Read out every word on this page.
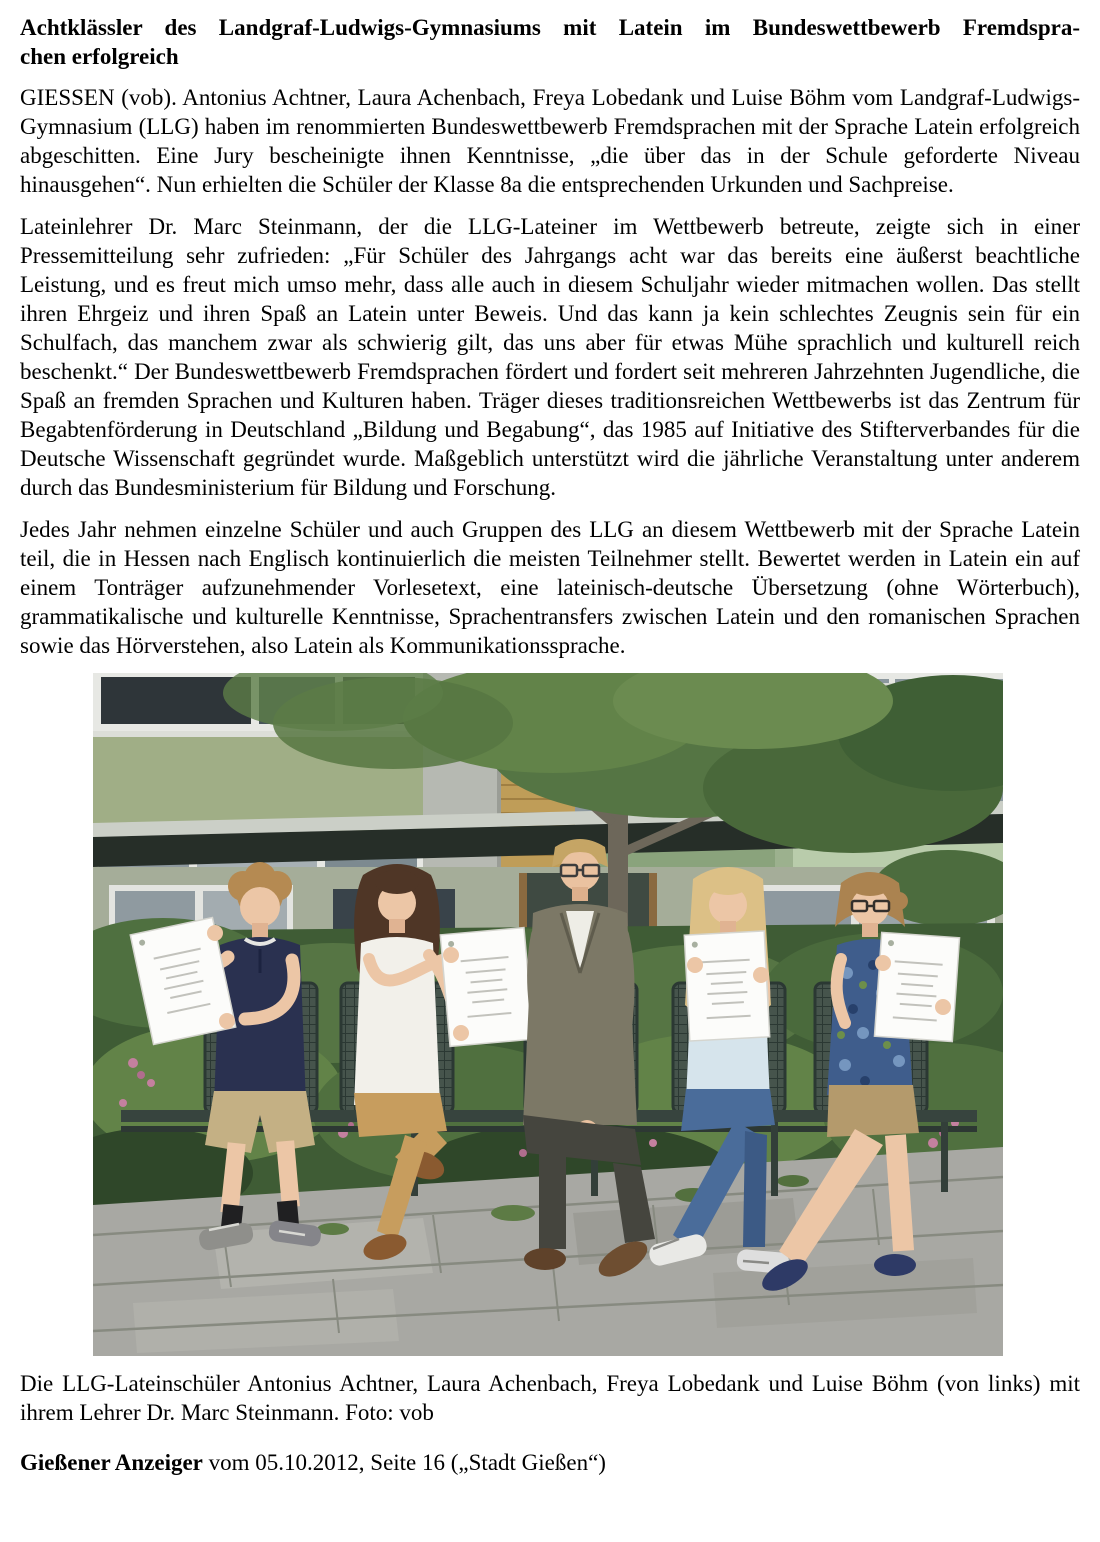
Achtklässler des Landgraf-Ludwigs-Gymnasiums mit Latein im Bundeswettbewerb Fremdspra-
chen erfolgreich

GIESSEN (vob). Antonius Achtner, Laura Achenbach, Freya Lobedank und Luise Böhm vom Landgraf-Ludwigs-Gymnasium (LLG) haben im renommierten Bundeswettbewerb Fremdsprachen mit der Sprache Latein erfolgreich abgeschitten. Eine Jury bescheinigte ihnen Kenntnisse, „die über das in der Schule geforderte Niveau hinausgehen“. Nun erhielten die Schüler der Klasse 8a die entsprechenden Urkunden und Sachpreise.

Lateinlehrer Dr. Marc Steinmann, der die LLG-Lateiner im Wettbewerb betreute, zeigte sich in einer Pressemitteilung sehr zufrieden: „Für Schüler des Jahrgangs acht war das bereits eine äußerst beachtliche Leistung, und es freut mich umso mehr, dass alle auch in diesem Schuljahr wieder mitmachen wollen. Das stellt ihren Ehrgeiz und ihren Spaß an Latein unter Beweis. Und das kann ja kein schlechtes Zeugnis sein für ein Schulfach, das manchem zwar als schwierig gilt, das uns aber für etwas Mühe sprachlich und kulturell reich beschenkt.“ Der Bundeswettbewerb Fremdsprachen fördert und fordert seit mehreren Jahrzehnten Jugendliche, die Spaß an fremden Sprachen und Kulturen haben. Träger dieses traditionsreichen Wettbewerbs ist das Zentrum für Begabtenförderung in Deutschland „Bildung und Begabung“, das 1985 auf Initiative des Stifterverbandes für die Deutsche Wissenschaft gegründet wurde. Maßgeblich unterstützt wird die jährliche Veranstaltung unter anderem durch das Bundesministerium für Bildung und Forschung.

Jedes Jahr nehmen einzelne Schüler und auch Gruppen des LLG an diesem Wettbewerb mit der Sprache Latein teil, die in Hessen nach Englisch kontinuierlich die meisten Teilnehmer stellt. Bewertet werden in Latein ein auf einem Tonträger aufzunehmender Vorlesetext, eine lateinisch-deutsche Übersetzung (ohne Wörterbuch), grammatikalische und kulturelle Kenntnisse, Sprachentransfers zwischen Latein und den romanischen Sprachen sowie das Hörverstehen, also Latein als Kommunikationssprache.

Die LLG-Lateinschüler Antonius Achtner, Laura Achenbach, Freya Lobedank und Luise Böhm (von links) mit ihrem Lehrer Dr. Marc Steinmann. Foto: vob

Gießener Anzeiger vom 05.10.2012, Seite 16 („Stadt Gießen“)
